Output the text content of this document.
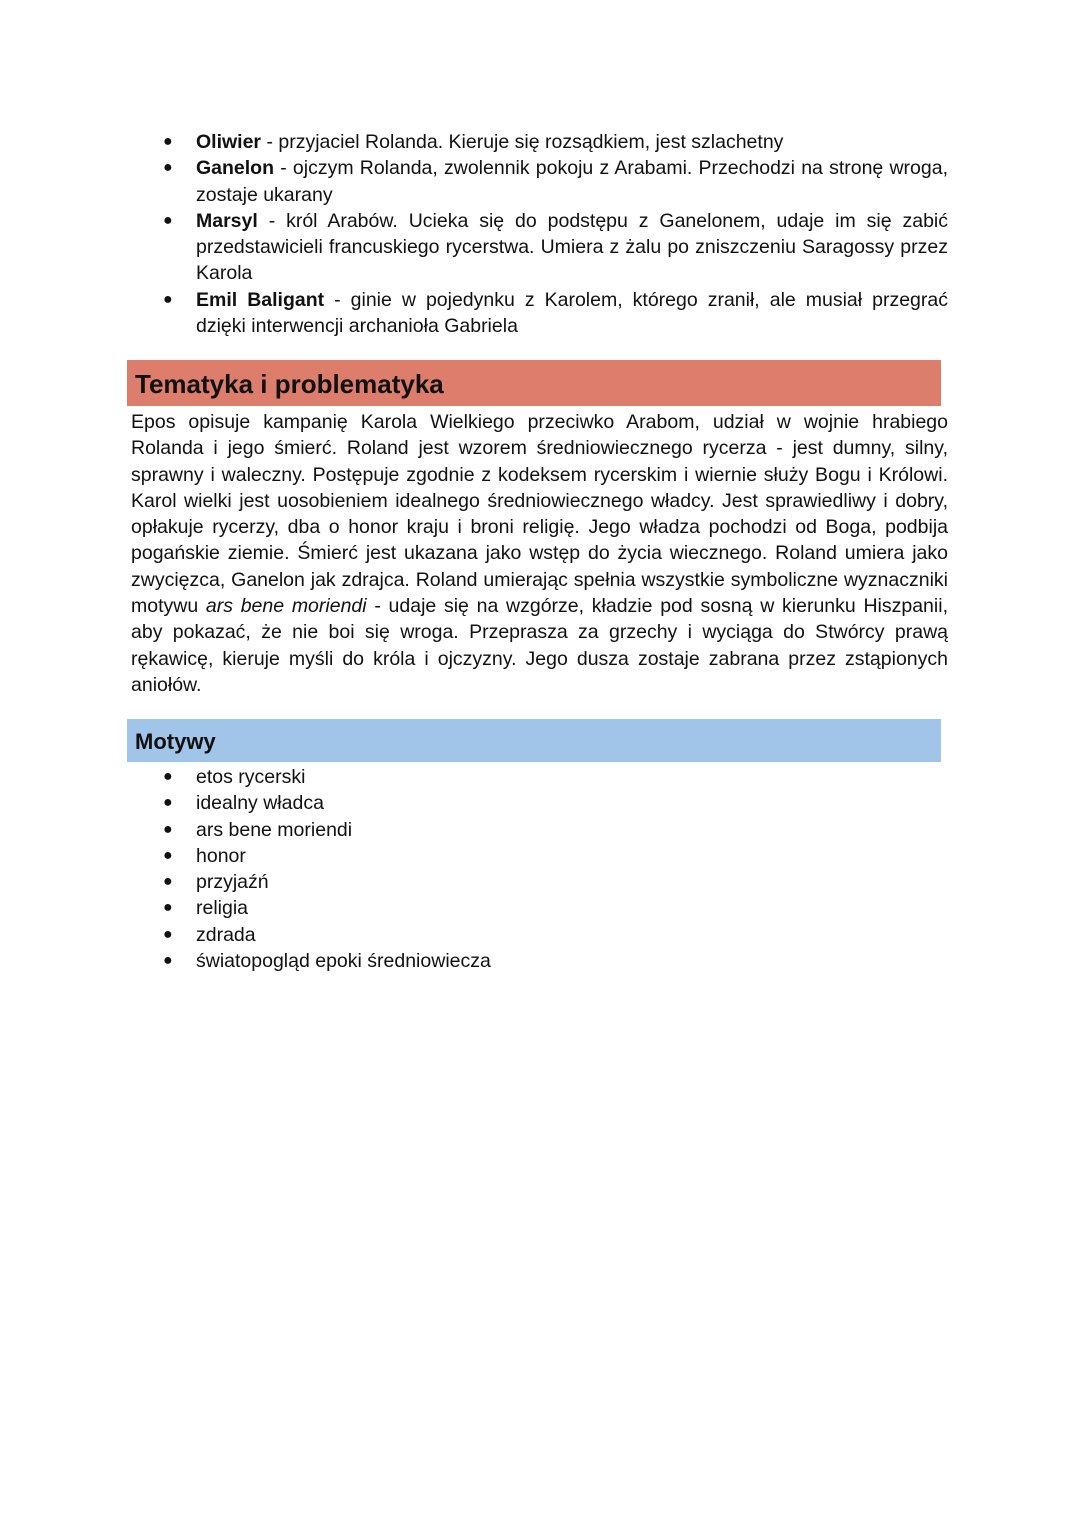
● Oliwier - przyjaciel Rolanda. Kieruje się rozsądkiem, jest szlachetny
● Ganelon - ojczym Rolanda, zwolennik pokoju z Arabami. Przechodzi na stronę wroga, zostaje ukarany
● Marsyl - król Arabów. Ucieka się do podstępu z Ganelonem, udaje im się zabić przedstawicieli francuskiego rycerstwa. Umiera z żalu po zniszczeniu Saragossy przez Karola
● Emil Baligant - ginie w pojedynku z Karolem, którego zranił, ale musiał przegrać dzięki interwencji archanioła Gabriela
Tematyka i problematyka

Epos opisuje kampanię Karola Wielkiego przeciwko Arabom, udział w wojnie hrabiego Rolanda i jego śmierć. Roland jest wzorem średniowiecznego rycerza - jest dumny, silny, sprawny i waleczny. Postępuje zgodnie z kodeksem rycerskim i wiernie służy Bogu i Królowi. Karol wielki jest uosobieniem idealnego średniowiecznego władcy. Jest sprawiedliwy i dobry, opłakuje rycerzy, dba o honor kraju i broni religię. Jego władza pochodzi od Boga, podbija pogańskie ziemie. Śmierć jest ukazana jako wstęp do życia wiecznego. Roland umiera jako zwycięzca, Ganelon jak zdrajca. Roland umierając spełnia wszystkie symboliczne wyznaczniki motywu ars bene moriendi - udaje się na wzgórze, kładzie pod sosną w kierunku Hiszpanii, aby pokazać, że nie boi się wroga. Przeprasza za grzechy i wyciąga do Stwórcy prawą rękawicę, kieruje myśli do króla i ojczyzny. Jego dusza zostaje zabrana przez zstąpionych aniołów.

Motywy
● etos rycerski
● idealny władca
● ars bene moriendi
● honor
● przyjaźń
● religia
● zdrada
● światopogląd epoki średniowiecza
